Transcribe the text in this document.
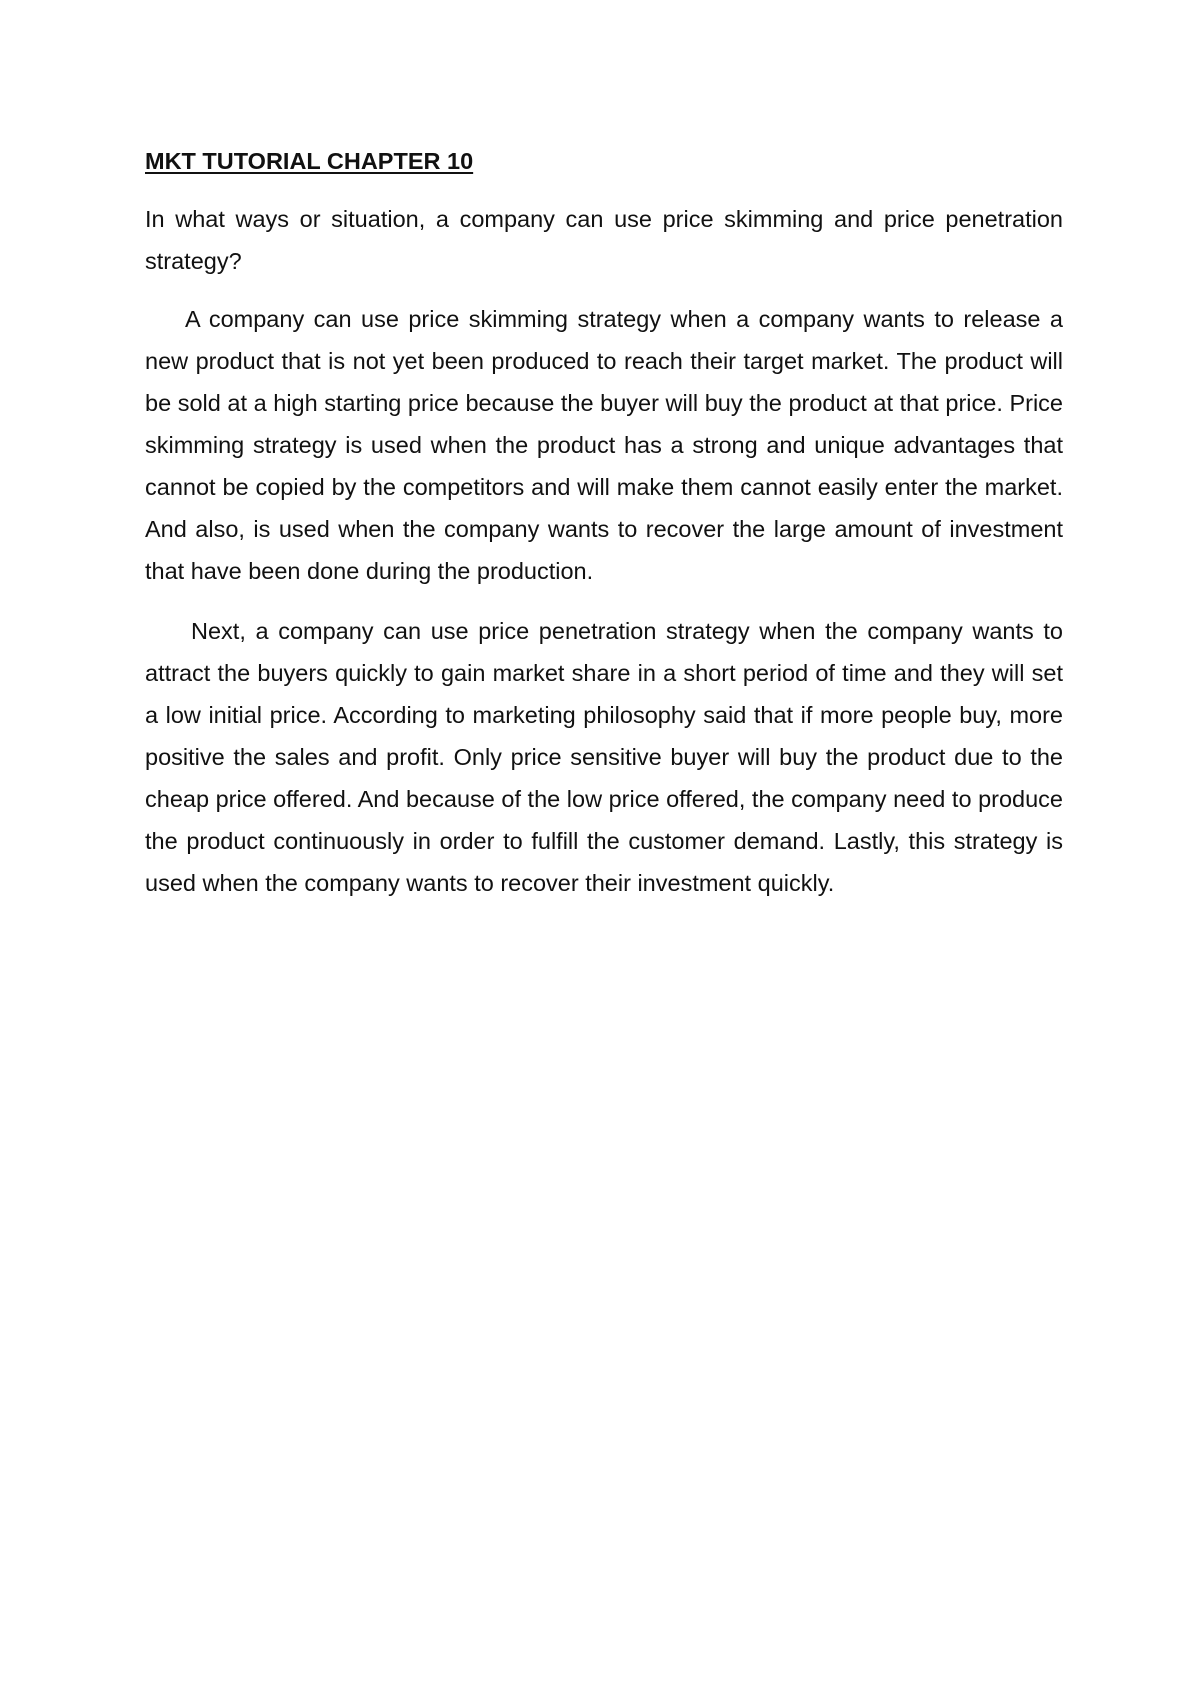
MKT TUTORIAL CHAPTER 10

In what ways or situation, a company can use price skimming and price penetration strategy?

A company can use price skimming strategy when a company wants to release a new product that is not yet been produced to reach their target market. The product will be sold at a high starting price because the buyer will buy the product at that price. Price skimming strategy is used when the product has a strong and unique advantages that cannot be copied by the competitors and will make them cannot easily enter the market. And also, is used when the company wants to recover the large amount of investment that have been done during the production.

Next, a company can use price penetration strategy when the company wants to attract the buyers quickly to gain market share in a short period of time and they will set a low initial price. According to marketing philosophy said that if more people buy, more positive the sales and profit. Only price sensitive buyer will buy the product due to the cheap price offered. And because of the low price offered, the company need to produce the product continuously in order to fulfill the customer demand. Lastly, this strategy is used when the company wants to recover their investment quickly.
